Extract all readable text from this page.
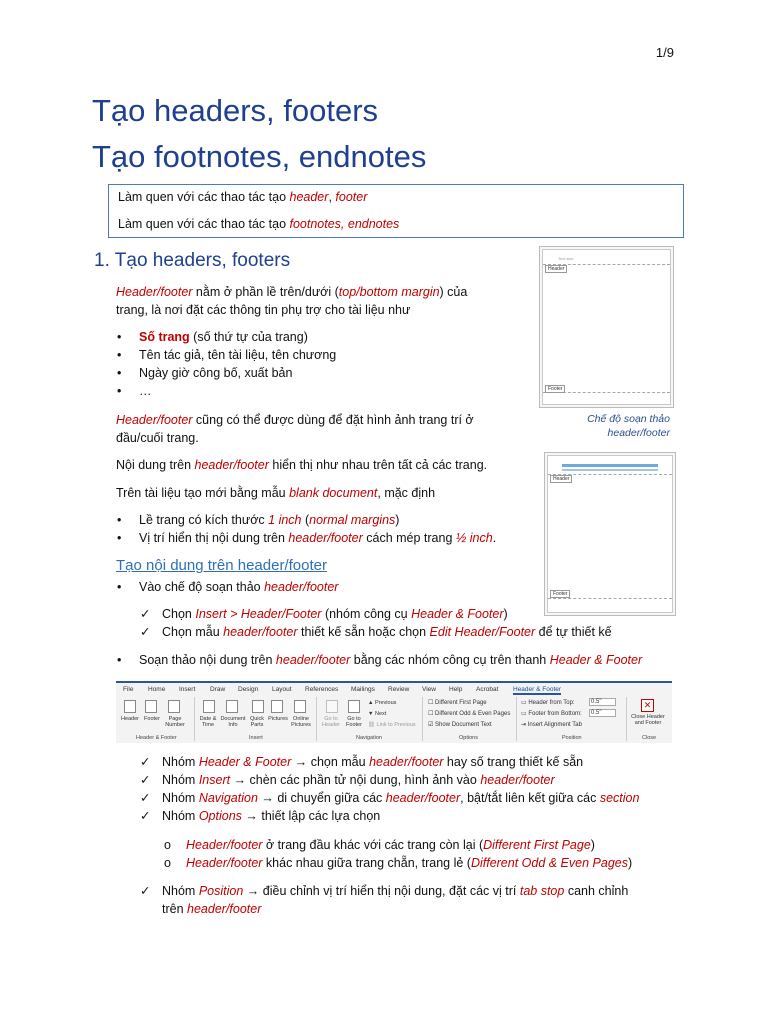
1/9
Tạo headers, footers
Tạo footnotes, endnotes

Làm quen với các thao tác tạo header, footer

Làm quen với các thao tác tạo footnotes, endnotes

1. Tạo headers, footers	Text size
Header
Footer
Chế độ soạn thảo
header/footer
Header
Footer
Header/footer nằm ở phần lề trên/dưới (top/bottom margin) của
trang, là nơi đặt các thông tin phụ trợ cho tài liệu như
• Số trang (số thứ tự của trang)
• Tên tác giả, tên tài liệu, tên chương
• Ngày giờ công bố, xuất bản
• …
Header/footer cũng có thể được dùng để đặt hình ảnh trang trí ở
đầu/cuối trang.
Nội dung trên header/footer hiển thị như nhau trên tất cả các trang.
Trên tài liệu tạo mới bằng mẫu blank document, mặc định
• Lề trang có kích thước 1 inch (normal margins)
• Vị trí hiển thị nội dung trên header/footer cách mép trang ½ inch.
Tạo nội dung trên header/footer
• Vào chế độ soạn thảo header/footer
✓ Chọn Insert > Header/Footer (nhóm công cụ Header & Footer)
✓ Chọn mẫu header/footer thiết kế sẵn hoặc chọn Edit Header/Footer để tự thiết kế
• Soạn thảo nội dung trên header/footer bằng các nhóm công cụ trên thanh Header & Footer
File Home Insert Draw Design Layout References Mailings Review View Help Acrobat Header & Footer
Header Footer	Page Number
Header & Footer
Date & Time
Document Info
Quick Parts
Pictures Online Pictures
Insert
Go to Header
Go to Footer
▲ Previous
▼ Next
⛓ Link to Previous
Navigation
☐ Different First Page
☐ Different Odd & Even Pages
☑ Show Document Text
Options
▭ Header from Top:
▭ Footer from Bottom:
0.5"
0.5"
⇥ Insert Alignment Tab
Position
✕
Close Header and Footer
Close
✓ Nhóm Header & Footer → chọn mẫu header/footer hay số trang thiết kế sẵn
✓ Nhóm Insert → chèn các phần tử nội dung, hình ảnh vào header/footer
✓ Nhóm Navigation → di chuyển giữa các header/footer, bật/tắt liên kết giữa các section
✓ Nhóm Options → thiết lập các lựa chọn
o Header/footer ở trang đầu khác với các trang còn lại (Different First Page)
o Header/footer khác nhau giữa trang chẵn, trang lẻ (Different Odd & Even Pages)
✓ Nhóm Position → điều chỉnh vị trí hiển thị nội dung, đặt các vị trí tab stop canh chỉnh
trên header/footer
